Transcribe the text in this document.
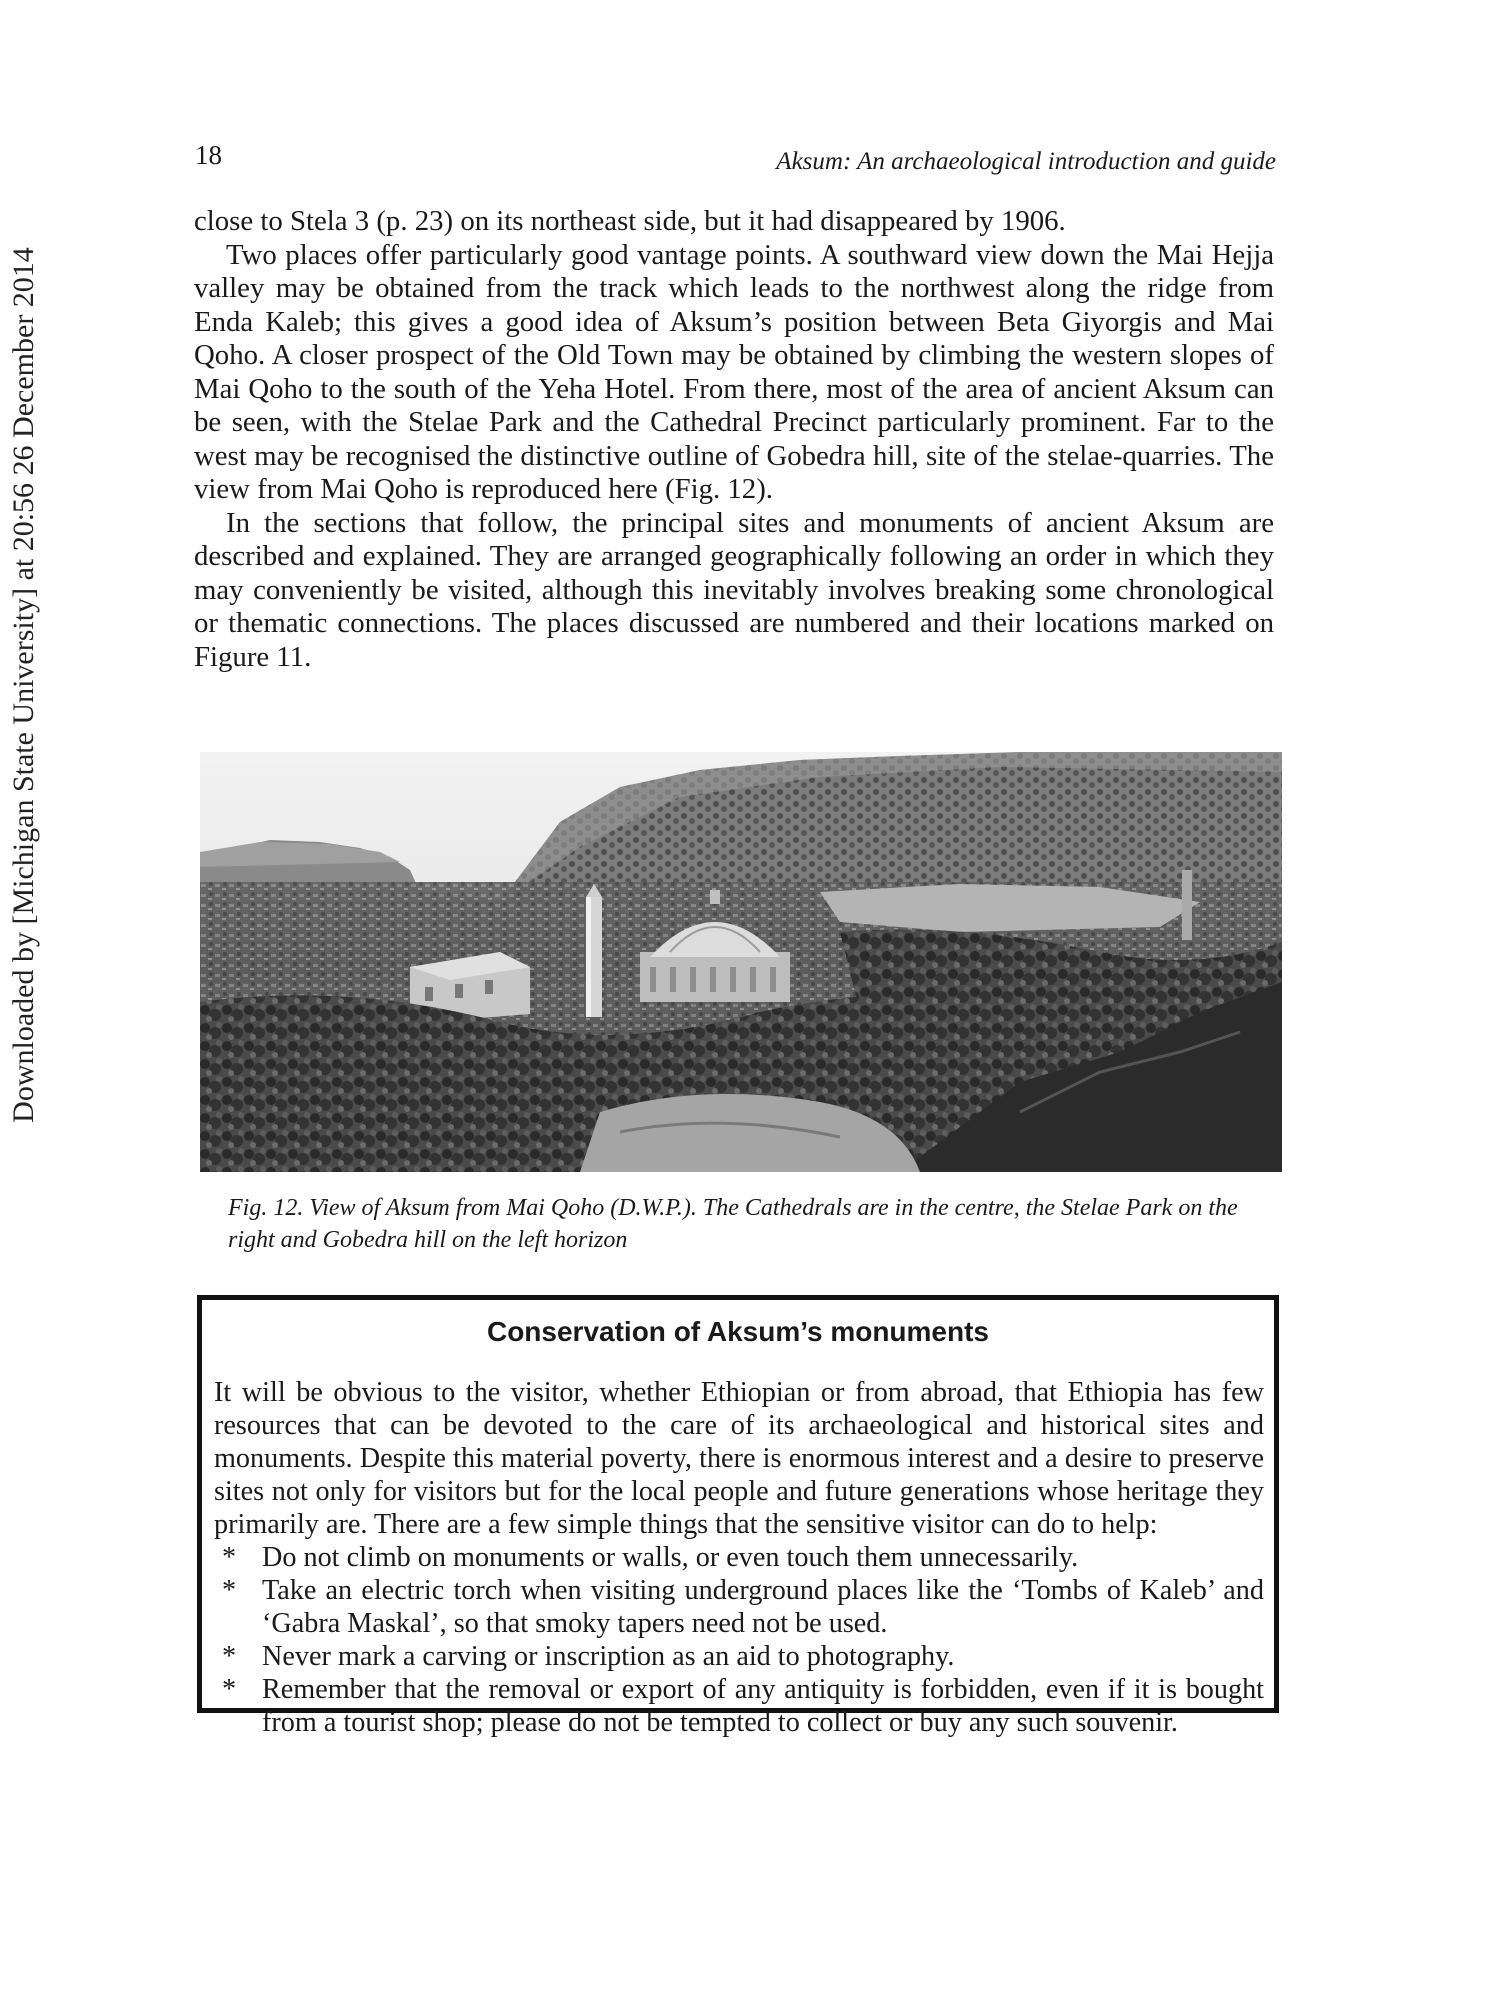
Downloaded by [Michigan State University] at 20:56 26 December 2014
18	Aksum: An archaeological introduction and guide

close to Stela 3 (p. 23) on its northeast side, but it had disappeared by 1906.

Two places offer particularly good vantage points. A southward view down the Mai Hejja valley may be obtained from the track which leads to the northwest along the ridge from Enda Kaleb; this gives a good idea of Aksum’s position between Beta Giyorgis and Mai Qoho. A closer prospect of the Old Town may be obtained by climbing the western slopes of Mai Qoho to the south of the Yeha Hotel. From there, most of the area of ancient Aksum can be seen, with the Stelae Park and the Cathedral Precinct particularly prominent. Far to the west may be recognised the distinctive outline of Gobedra hill, site of the stelae-quarries. The view from Mai Qoho is reproduced here (Fig. 12).

In the sections that follow, the principal sites and monuments of ancient Aksum are described and explained. They are arranged geographically following an order in which they may conveniently be visited, although this inevitably involves breaking some chronological or thematic connections. The places discussed are numbered and their locations marked on Figure 11.

Fig. 12. View of Aksum from Mai Qoho (D.W.P.). The Cathedrals are in the centre, the Stelae Park on the right and Gobedra hill on the left horizon
Conservation of Aksum’s monuments

It will be obvious to the visitor, whether Ethiopian or from abroad, that Ethiopia has few resources that can be devoted to the care of its archaeological and historical sites and monuments. Despite this material poverty, there is enormous interest and a desire to preserve sites not only for visitors but for the local people and future generations whose heritage they primarily are. There are a few simple things that the sensitive visitor can do to help:

* Do not climb on monuments or walls, or even touch them unnecessarily.
* Take an electric torch when visiting underground places like the ‘Tombs of Kaleb’ and ‘Gabra Maskal’, so that smoky tapers need not be used.
* Never mark a carving or inscription as an aid to photography.
* Remember that the removal or export of any antiquity is forbidden, even if it is bought from a tourist shop; please do not be tempted to collect or buy any such souvenir.
